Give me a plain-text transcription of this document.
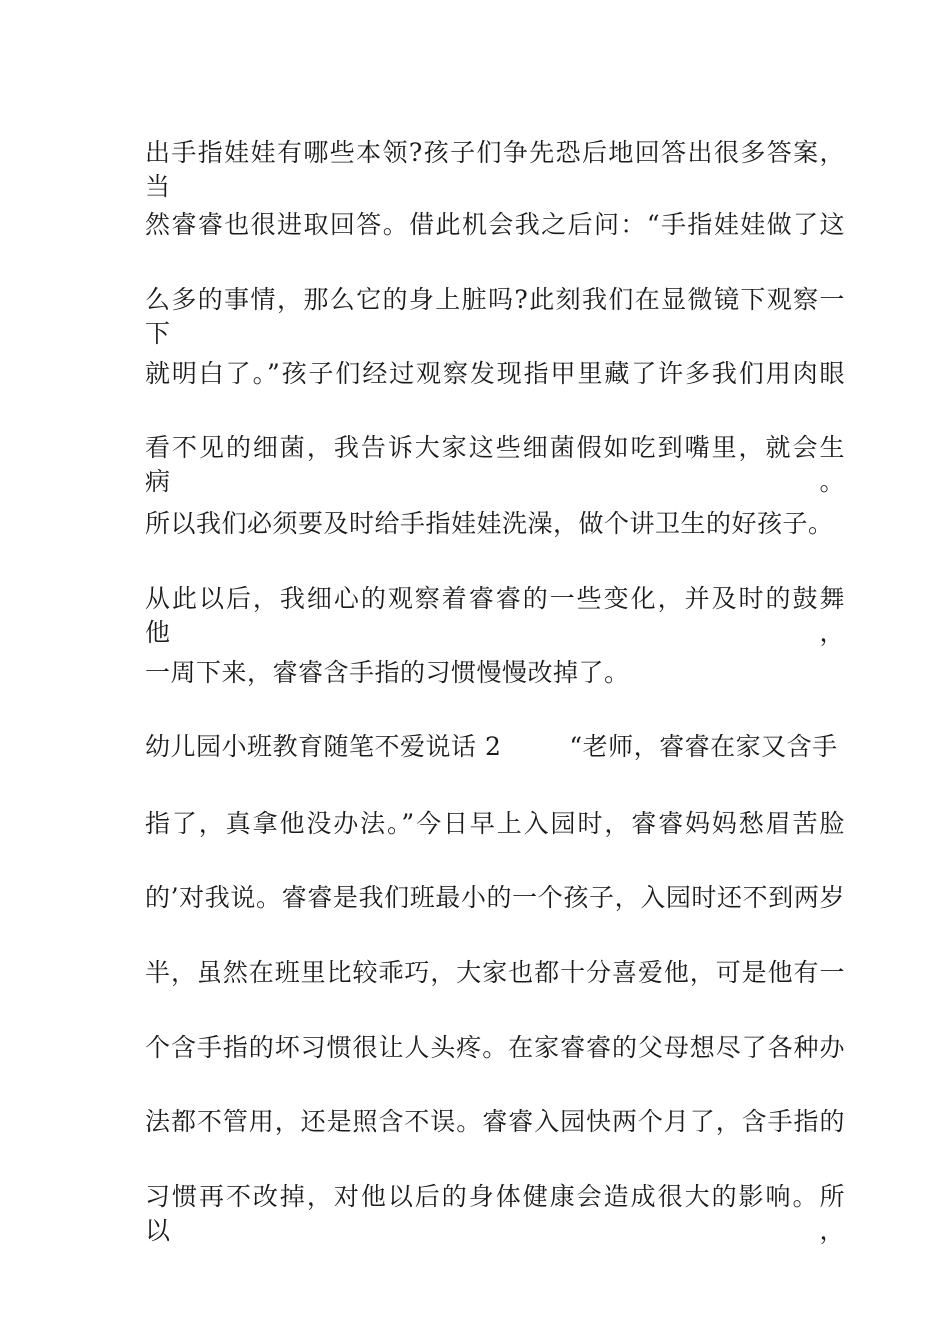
出手指娃娃有哪些本领?孩子们争先恐后地回答出很多答案，当
然睿睿也很进取回答。借此机会我之后问：“手指娃娃做了这
么多的事情，那么它的身上脏吗?此刻我们在显微镜下观察一下
就明白了。”孩子们经过观察发现指甲里藏了许多我们用肉眼
看不见的细菌，我告诉大家这些细菌假如吃到嘴里，就会生病。
所以我们必须要及时给手指娃娃洗澡，做个讲卫生的好孩子。
从此以后，我细心的观察着睿睿的一些变化，并及时的鼓舞他，
一周下来，睿睿含手指的习惯慢慢改掉了。
幼儿园小班教育随笔不爱说话 2	“老师，睿睿在家又含手
指了，真拿他没办法。”今日早上入园时，睿睿妈妈愁眉苦脸
的’对我说。睿睿是我们班最小的一个孩子，入园时还不到两岁
半，虽然在班里比较乖巧，大家也都十分喜爱他，可是他有一
个含手指的坏习惯很让人头疼。在家睿睿的父母想尽了各种办
法都不管用，还是照含不误。睿睿入园快两个月了，含手指的
习惯再不改掉，对他以后的身体健康会造成很大的影响。所以，
